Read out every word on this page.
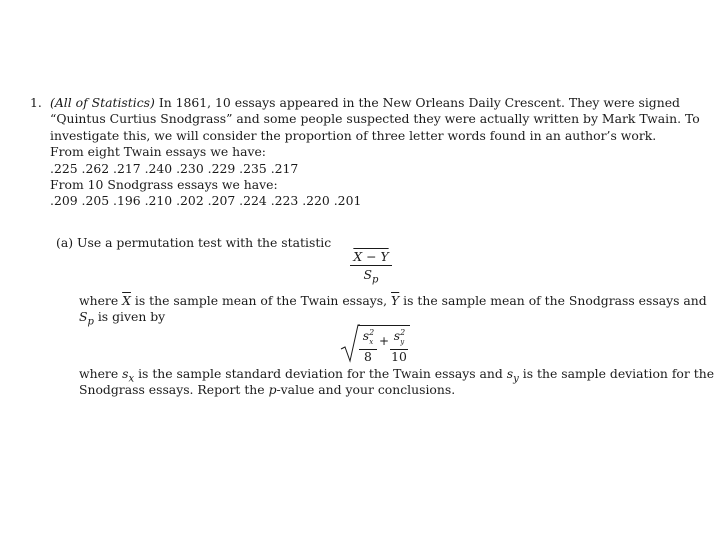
1. (All of Statistics) In 1861, 10 essays appeared in the New Orleans Daily Crescent. They were signed
“Quintus Curtius Snodgrass” and some people suspected they were actually written by Mark Twain. To
investigate this, we will consider the proportion of three letter words found in an author’s work.
From eight Twain essays we have:
.225 .262 .217 .240 .230 .229 .235 .217
From 10 Snodgrass essays we have:
.209 .205 .196 .210 .202 .207 .224 .223 .220 .201
(a) Use a permutation test with the statistic
X − Y
$S_p$
where $\overline{X}$ is the sample mean of the Twain essays, $\overline{Y}$ is the sample mean of the Snodgrass essays and
$S_p$ is given by
$s^2_x$
8
+ $s^2_y$
10
where $s_x$ is the sample standard deviation for the Twain essays and $s_y$ is the sample deviation for the
Snodgrass essays. Report the p-value and your conclusions.
